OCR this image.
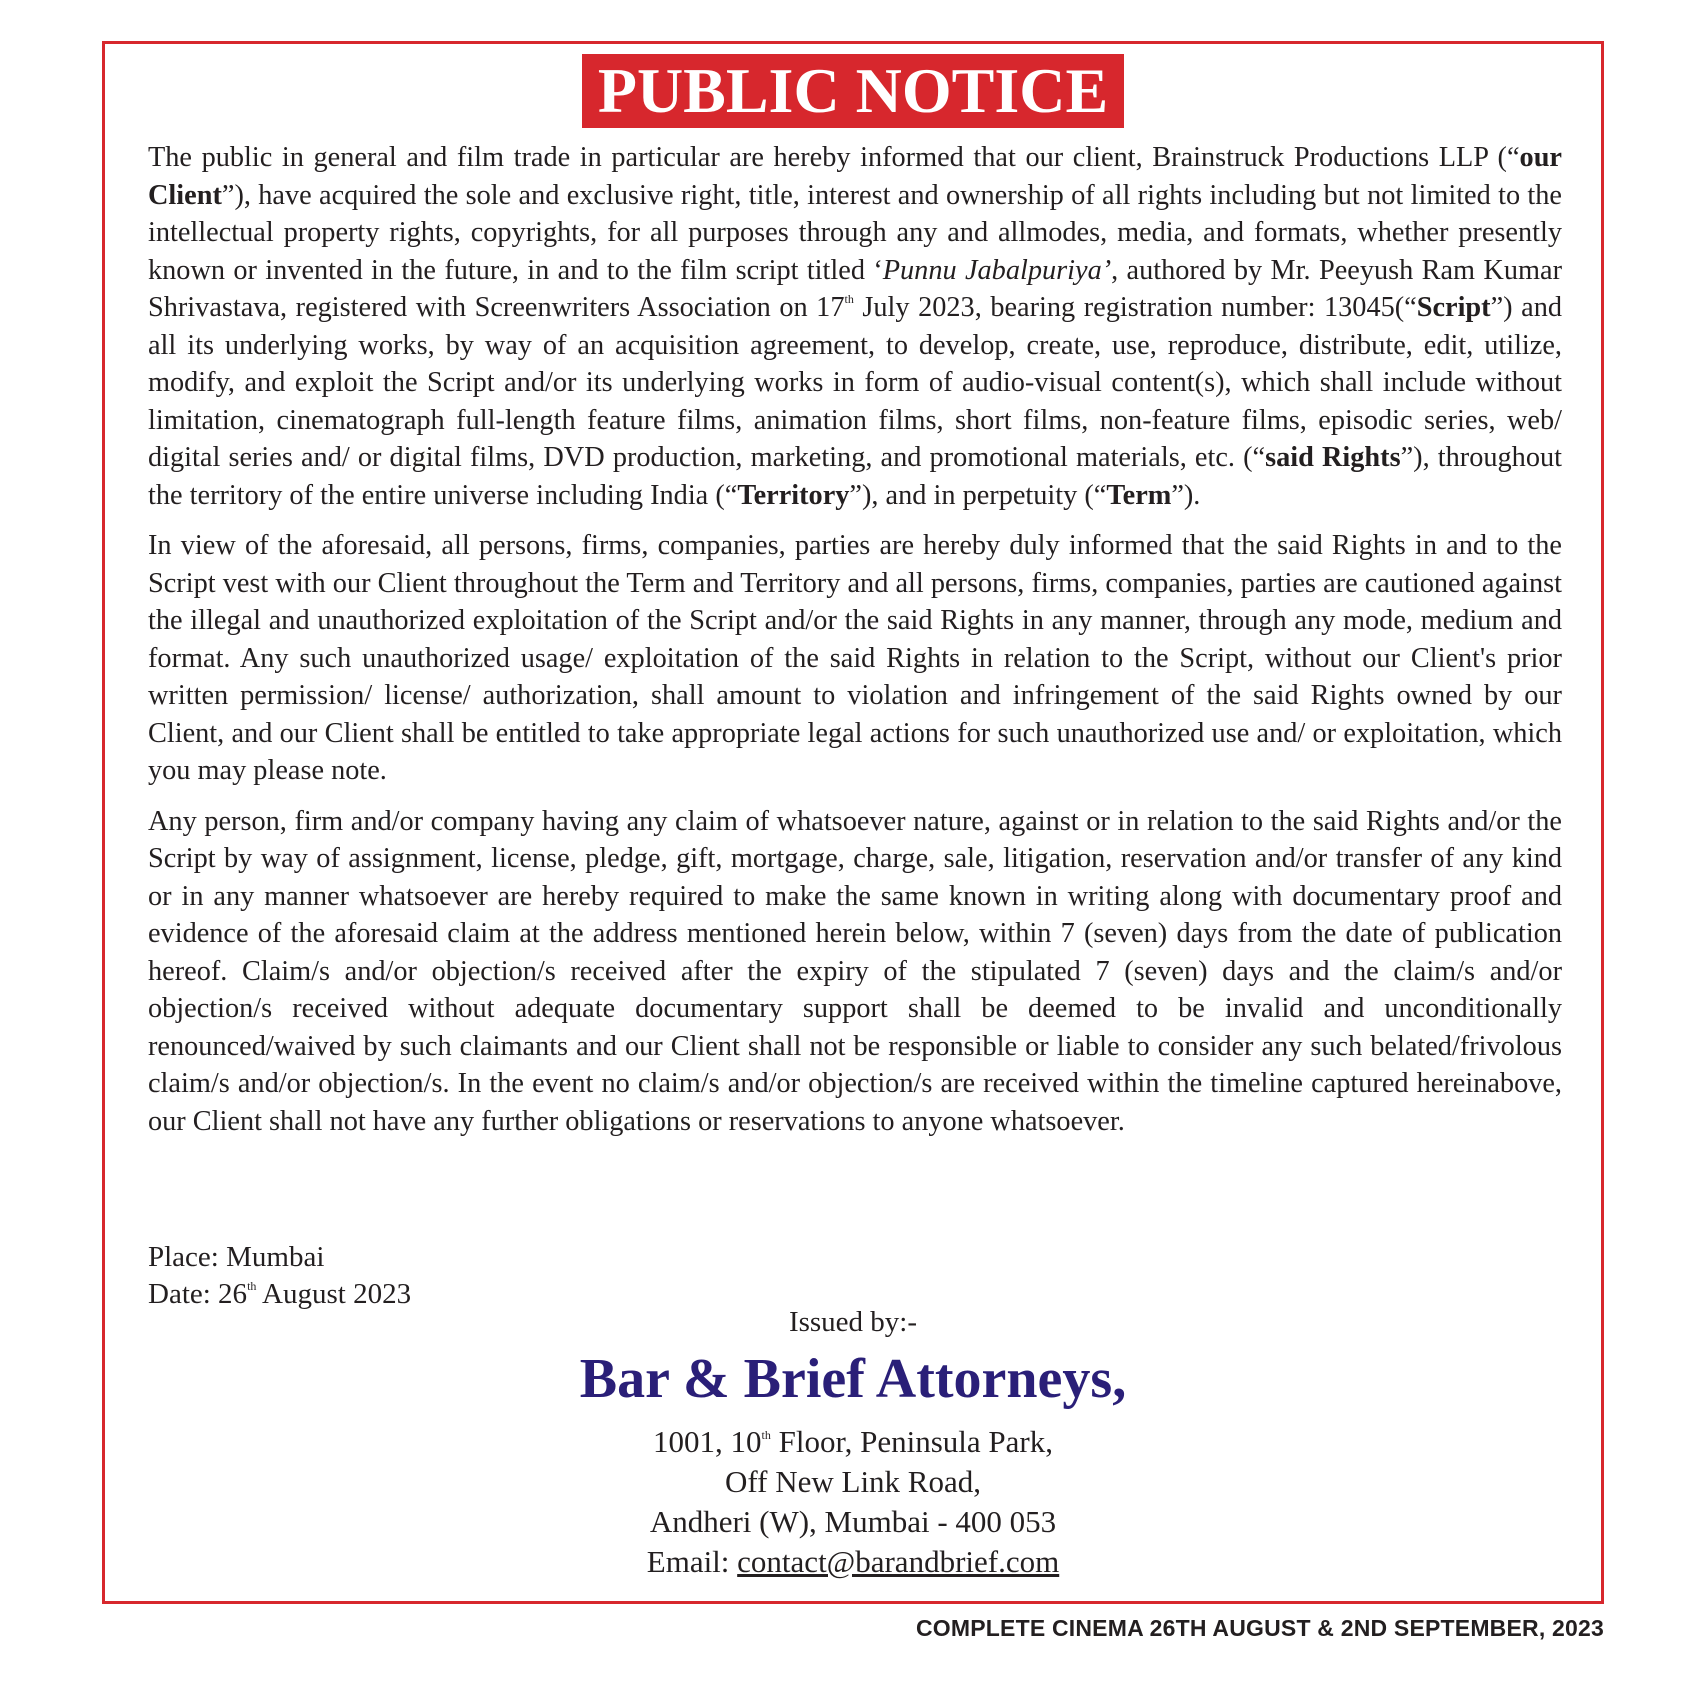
PUBLIC NOTICE

The public in general and film trade in particular are hereby informed that our client, Brainstruck Productions LLP (“our Client”), have acquired the sole and exclusive right, title, interest and ownership of all rights including but not limited to the intellectual property rights, copyrights, for all purposes through any and allmodes, media, and formats, whether presently known or invented in the future, in and to the film script titled ‘Punnu Jabalpuriya’, authored by Mr. Peeyush Ram Kumar Shrivastava, registered with Screenwriters Association on 17th July 2023, bearing registration number: 13045(“Script”) and all its underlying works, by way of an acquisition agreement, to develop, create, use, reproduce, distribute, edit, utilize, modify, and exploit the Script and/or its underlying works in form of audio-visual content(s), which shall include without limitation, cinematograph full-length feature films, animation films, short films, non-feature films, episodic series, web/ digital series and/ or digital films, DVD production, marketing, and promotional materials, etc. (“said Rights”), throughout the territory of the entire universe including India (“Territory”), and in perpetuity (“Term”).

In view of the aforesaid, all persons, firms, companies, parties are hereby duly informed that the said Rights in and to the Script vest with our Client throughout the Term and Territory and all persons, firms, companies, parties are cautioned against the illegal and unauthorized exploitation of the Script and/or the said Rights in any manner, through any mode, medium and format. Any such unauthorized usage/ exploitation of the said Rights in relation to the Script, without our Client's prior written permission/ license/ authorization, shall amount to violation and infringement of the said Rights owned by our Client, and our Client shall be entitled to take appropriate legal actions for such unauthorized use and/ or exploitation, which you may please note.

Any person, firm and/or company having any claim of whatsoever nature, against or in relation to the said Rights and/or the Script by way of assignment, license, pledge, gift, mortgage, charge, sale, litigation, reservation and/or transfer of any kind or in any manner whatsoever are hereby required to make the same known in writing along with documentary proof and evidence of the aforesaid claim at the address mentioned herein below, within 7 (seven) days from the date of publication hereof. Claim/s and/or objection/s received after the expiry of the stipulated 7 (seven) days and the claim/s and/or objection/s received without adequate documentary support shall be deemed to be invalid and unconditionally renounced/waived by such claimants and our Client shall not be responsible or liable to consider any such belated/frivolous claim/s and/or objection/s. In the event no claim/s and/or objection/s are received within the timeline captured hereinabove, our Client shall not have any further obligations or reservations to anyone whatsoever.

Place: Mumbai
Date: 26th August 2023
Issued by:-
Bar & Brief Attorneys,
1001, 10th Floor, Peninsula Park,
Off New Link Road,
Andheri (W), Mumbai - 400 053
Email: contact@barandbrief.com
COMPLETE CINEMA 26TH AUGUST & 2ND SEPTEMBER, 2023
